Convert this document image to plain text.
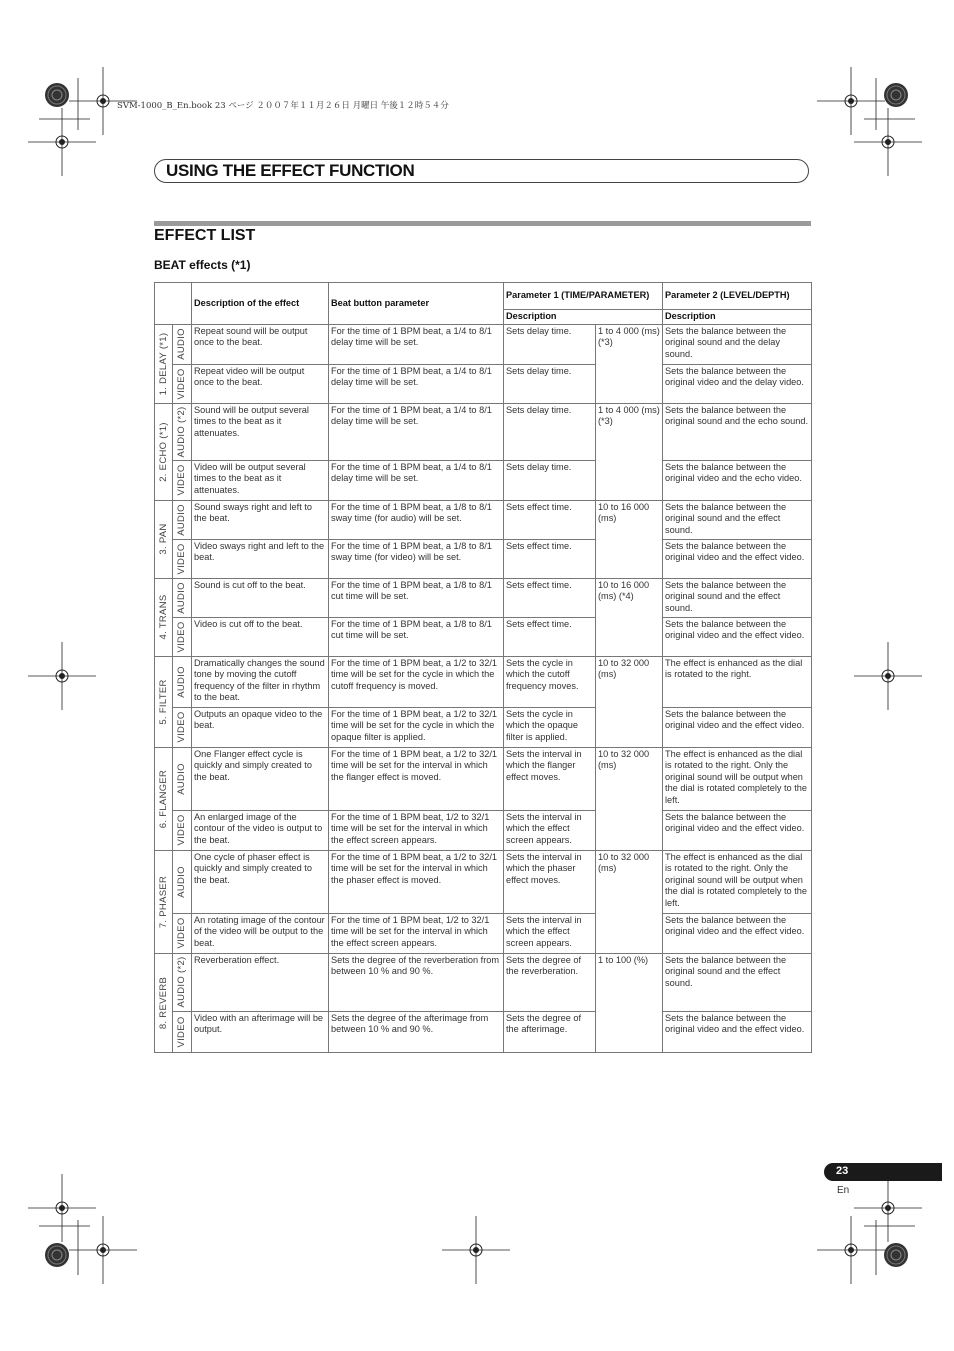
SVM-1000_B_En.book 23 ページ ２００７年１１月２６日 月曜日 午後１２時５４分
USING THE EFFECT FUNCTION
EFFECT LIST
BEAT effects (*1)
		Description of the effect	Beat button parameter	Parameter 1 (TIME/PARAMETER)		Parameter 2 (LEVEL/DEPTH)
				Description		Description

1. DELAY (*1)	AUDIO	Repeat sound will be output once to the beat.	For the time of 1 BPM beat, a 1/4 to 8/1 delay time will be set.	Sets delay time.	1 to 4 000 (ms) (*3)	Sets the balance between the original sound and the delay sound.

	VIDEO	Repeat video will be output once to the beat.	For the time of 1 BPM beat, a 1/4 to 8/1 delay time will be set.	Sets delay time.		Sets the balance between the original video and the delay video.

2. ECHO (*1)	AUDIO (*2)	Sound will be output several times to the beat as it attenuates.	For the time of 1 BPM beat, a 1/4 to 8/1 delay time will be set.	Sets delay time.	1 to 4 000 (ms) (*3)	Sets the balance between the original sound and the echo sound.

	VIDEO	Video will be output several times to the beat as it attenuates.	For the time of 1 BPM beat, a 1/4 to 8/1 delay time will be set.	Sets delay time.		Sets the balance between the original video and the echo video.

3. PAN	AUDIO	Sound sways right and left to the beat.	For the time of 1 BPM beat, a 1/8 to 8/1 sway time (for audio) will be set.	Sets effect time.	10 to 16 000 (ms)	Sets the balance between the original sound and the effect sound.

	VIDEO	Video sways right and left to the beat.	For the time of 1 BPM beat, a 1/8 to 8/1 sway time (for video) will be set.	Sets effect time.		Sets the balance between the original video and the effect video.

4. TRANS	AUDIO	Sound is cut off to the beat.	For the time of 1 BPM beat, a 1/8 to 8/1 cut time will be set.	Sets effect time.	10 to 16 000 (ms) (*4)	Sets the balance between the original sound and the effect sound.

	VIDEO	Video is cut off to the beat.	For the time of 1 BPM beat, a 1/8 to 8/1 cut time will be set.	Sets effect time.		Sets the balance between the original video and the effect video.

5. FILTER	AUDIO	Dramatically changes the sound tone by moving the cutoff frequency of the filter in rhythm to the beat.	For the time of 1 BPM beat, a 1/2 to 32/1 time will be set for the cycle in which the cutoff frequency is moved.	Sets the cycle in which the cutoff frequency moves.	10 to 32 000 (ms)	The effect is enhanced as the dial is rotated to the right.

	VIDEO	Outputs an opaque video to the beat.	For the time of 1 BPM beat, a 1/2 to 32/1 time will be set for the cycle in which the opaque filter is applied.	Sets the cycle in which the opaque filter is applied.		Sets the balance between the original video and the effect video.

6. FLANGER	AUDIO	One Flanger effect cycle is quickly and simply created to the beat.	For the time of 1 BPM beat, a 1/2 to 32/1 time will be set for the interval in which the flanger effect is moved.	Sets the interval in which the flanger effect moves.	10 to 32 000 (ms)	The effect is enhanced as the dial is rotated to the right. Only the original sound will be output when the dial is rotated completely to the left.

	VIDEO	An enlarged image of the contour of the video is output to the beat.	For the time of 1 BPM beat, 1/2 to 32/1 time will be set for the interval in which the effect screen appears.	Sets the interval in which the effect screen appears.		Sets the balance between the original video and the effect video.

7. PHASER	AUDIO	One cycle of phaser effect is quickly and simply created to the beat.	For the time of 1 BPM beat, a 1/2 to 32/1 time will be set for the interval in which the phaser effect is moved.	Sets the interval in which the phaser effect moves.	10 to 32 000 (ms)	The effect is enhanced as the dial is rotated to the right. Only the original sound will be output when the dial is rotated completely to the left.

	VIDEO	An rotating image of the contour of the video will be output to the beat.	For the time of 1 BPM beat, 1/2 to 32/1 time will be set for the interval in which the effect screen appears.	Sets the interval in which the effect screen appears.		Sets the balance between the original video and the effect video.

8. REVERB	AUDIO (*2)	Reverberation effect.	Sets the degree of the reverberation from between 10 % and 90 %.	Sets the degree of the reverberation.	1 to 100 (%)	Sets the balance between the original sound and the effect sound.

	VIDEO	Video with an afterimage will be output.	Sets the degree of the afterimage from between 10 % and 90 %.	Sets the degree of the afterimage.		Sets the balance between the original video and the effect video.
23
En
